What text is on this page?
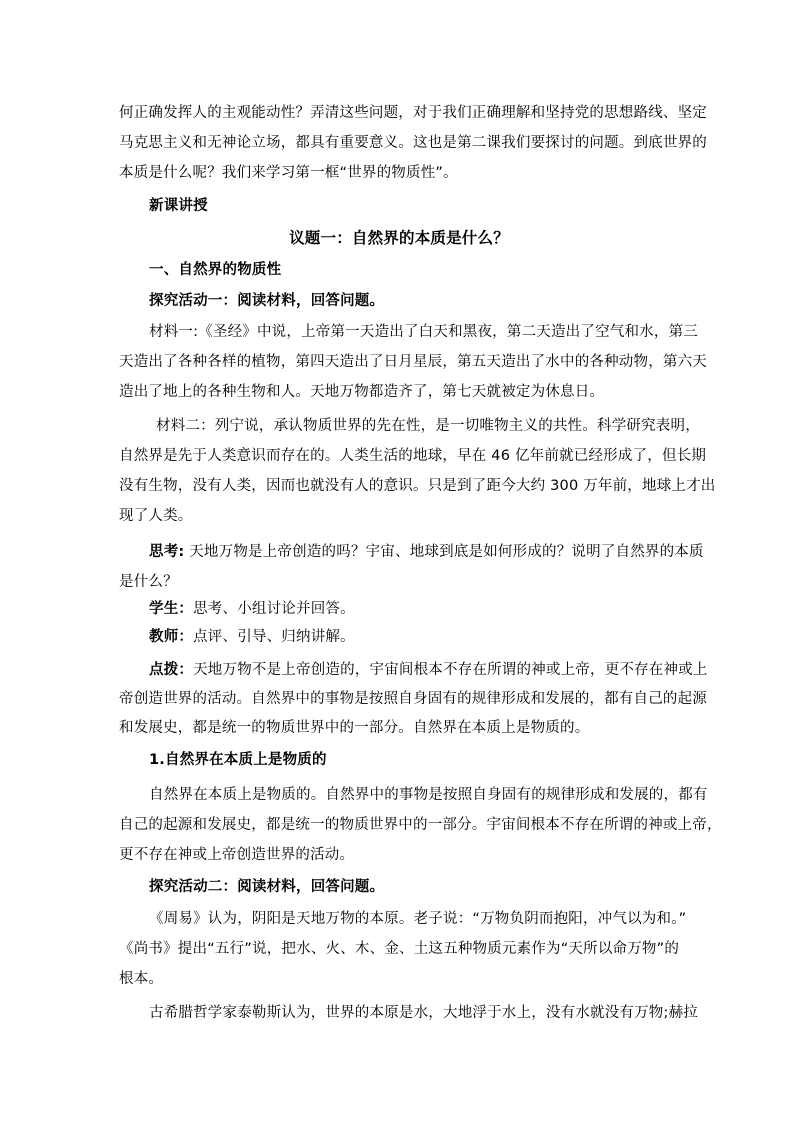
何正确发挥人的主观能动性？弄清这些问题，对于我们正确理解和坚持党的思想路线、坚定
马克思主义和无神论立场，都具有重要意义。这也是第二课我们要探讨的问题。到底世界的
本质是什么呢？我们来学习第一框“世界的物质性”。
新课讲授
议题一：自然界的本质是什么？
一、自然界的物质性
探究活动一：阅读材料，回答问题。
材料一:《圣经》中说，上帝第一天造出了白天和黑夜，第二天造出了空气和水，第三
天造出了各种各样的植物，第四天造出了日月星辰，第五天造出了水中的各种动物，第六天
造出了地上的各种生物和人。天地万物都造齐了，第七天就被定为休息日。
材料二：列宁说，承认物质世界的先在性，是一切唯物主义的共性。科学研究表明，
自然界是先于人类意识而存在的。人类生活的地球，早在 46 亿年前就已经形成了，但长期
没有生物，没有人类，因而也就没有人的意识。只是到了距今大约 300 万年前，地球上才出
现了人类。
思考: 天地万物是上帝创造的吗？宇宙、地球到底是如何形成的？说明了自然界的本质
是什么？
学生：思考、小组讨论并回答。
教师：点评、引导、归纳讲解。
点拨：天地万物不是上帝创造的，宇宙间根本不存在所谓的神或上帝，更不存在神或上
帝创造世界的活动。自然界中的事物是按照自身固有的规律形成和发展的，都有自己的起源
和发展史，都是统一的物质世界中的一部分。自然界在本质上是物质的。
1.自然界在本质上是物质的
自然界在本质上是物质的。自然界中的事物是按照自身固有的规律形成和发展的，都有
自己的起源和发展史，都是统一的物质世界中的一部分。宇宙间根本不存在所谓的神或上帝，
更不存在神或上帝创造世界的活动。
探究活动二：阅读材料，回答问题。
《周易》认为，阴阳是天地万物的本原。老子说：“万物负阴而抱阳，冲气以为和。”
《尚书》提出“五行”说，把水、火、木、金、土这五种物质元素作为“天所以命万物”的
根本。
古希腊哲学家泰勒斯认为，世界的本原是水，大地浮于水上，没有水就没有万物;赫拉
